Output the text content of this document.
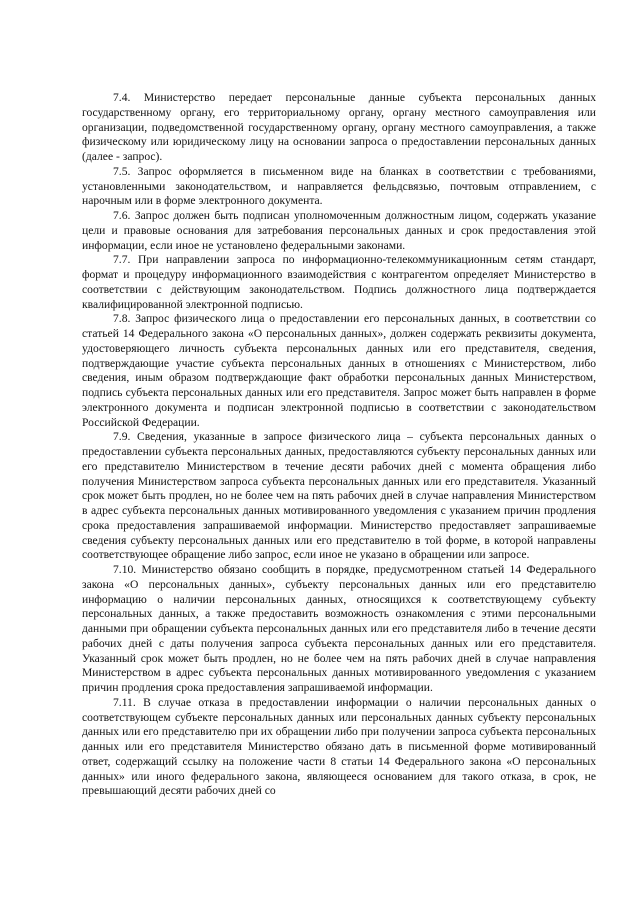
7.4. Министерство передает персональные данные субъекта персональных данных государственному органу, его территориальному органу, органу местного самоуправления или организации, подведомственной государственному органу, органу местного самоуправления, а также физическому или юридическому лицу на основании запроса о предоставлении персональных данных (далее - запрос).

7.5. Запрос оформляется в письменном виде на бланках в соответствии с требованиями, установленными законодательством, и направляется фельдсвязью, почтовым отправлением, с нарочным или в форме электронного документа.

7.6. Запрос должен быть подписан уполномоченным должностным лицом, содержать указание цели и правовые основания для затребования персональных данных и срок предоставления этой информации, если иное не установлено федеральными законами.

7.7. При направлении запроса по информационно-телекоммуникационным сетям стандарт, формат и процедуру информационного взаимодействия с контрагентом определяет Министерство в соответствии с действующим законодательством. Подпись должностного лица подтверждается квалифицированной электронной подписью.

7.8. Запрос физического лица о предоставлении его персональных данных, в соответствии со статьей 14 Федерального закона «О персональных данных», должен содержать реквизиты документа, удостоверяющего личность субъекта персональных данных или его представителя, сведения, подтверждающие участие субъекта персональных данных в отношениях с Министерством, либо сведения, иным образом подтверждающие факт обработки персональных данных Министерством, подпись субъекта персональных данных или его представителя. Запрос может быть направлен в форме электронного документа и подписан электронной подписью в соответствии с законодательством Российской Федерации.

7.9. Сведения, указанные в запросе физического лица – субъекта персональных данных о предоставлении субъекта персональных данных, предоставляются субъекту персональных данных или его представителю Министерством в течение десяти рабочих дней с момента обращения либо получения Министерством запроса субъекта персональных данных или его представителя. Указанный срок может быть продлен, но не более чем на пять рабочих дней в случае направления Министерством в адрес субъекта персональных данных мотивированного уведомления с указанием причин продления срока предоставления запрашиваемой информации. Министерство предоставляет запрашиваемые сведения субъекту персональных данных или его представителю в той форме, в которой направлены соответствующее обращение либо запрос, если иное не указано в обращении или запросе.

7.10. Министерство обязано сообщить в порядке, предусмотренном статьей 14 Федерального закона «О персональных данных», субъекту персональных данных или его представителю информацию о наличии персональных данных, относящихся к соответствующему субъекту персональных данных, а также предоставить возможность ознакомления с этими персональными данными при обращении субъекта персональных данных или его представителя либо в течение десяти рабочих дней с даты получения запроса субъекта персональных данных или его представителя. Указанный срок может быть продлен, но не более чем на пять рабочих дней в случае направления Министерством в адрес субъекта персональных данных мотивированного уведомления с указанием причин продления срока предоставления запрашиваемой информации.

7.11. В случае отказа в предоставлении информации о наличии персональных данных о соответствующем субъекте персональных данных или персональных данных субъекту персональных данных или его представителю при их обращении либо при получении запроса субъекта персональных данных или его представителя Министерство обязано дать в письменной форме мотивированный ответ, содержащий ссылку на положение части 8 статьи 14 Федерального закона «О персональных данных» или иного федерального закона, являющееся основанием для такого отказа, в срок, не превышающий десяти рабочих дней со
